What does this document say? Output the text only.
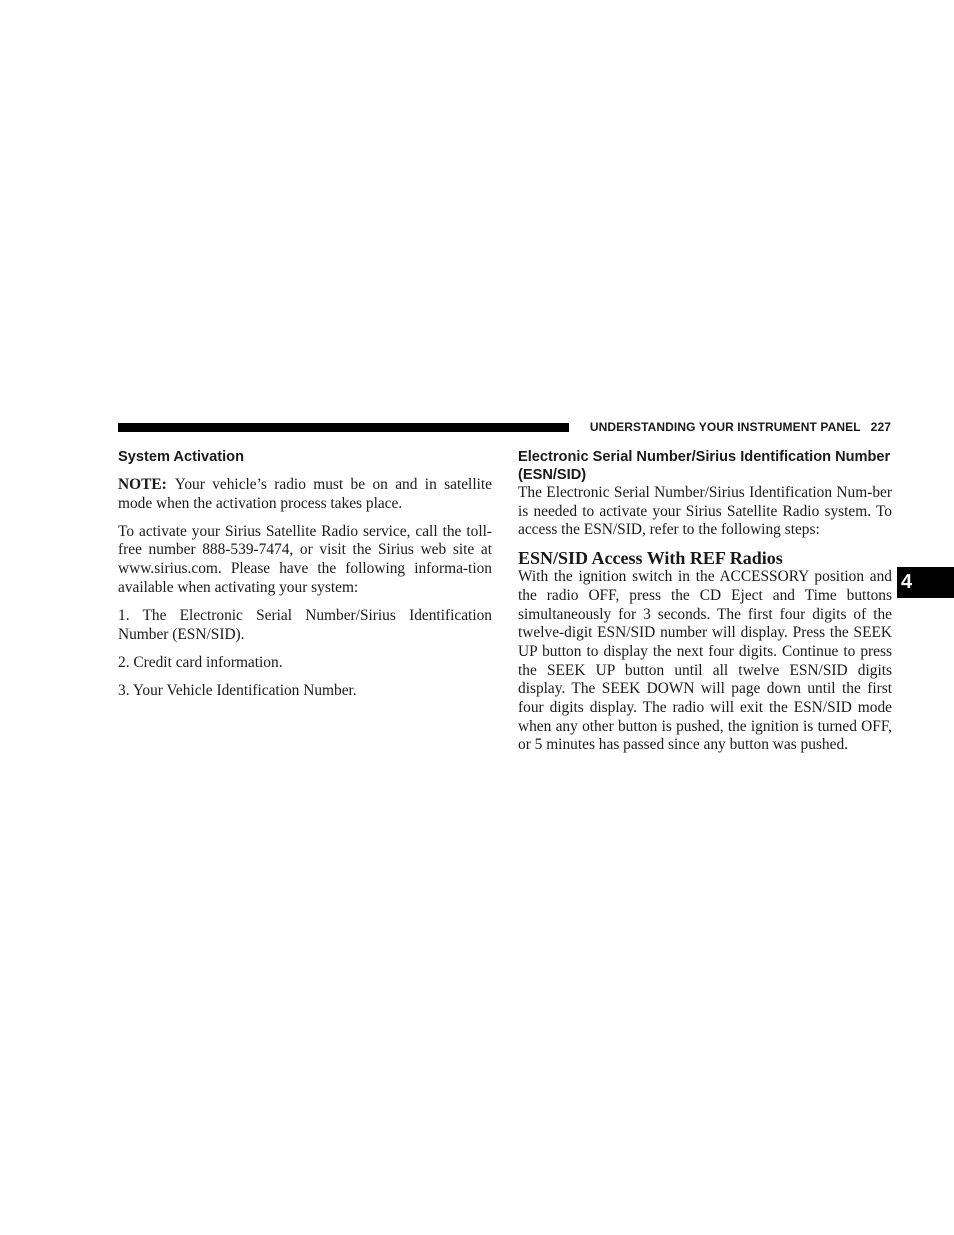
UNDERSTANDING YOUR INSTRUMENT PANEL 227
4
System Activation

NOTE: Your vehicle’s radio must be on and in satellite mode when the activation process takes place.

To activate your Sirius Satellite Radio service, call the toll-free number 888-539-7474, or visit the Sirius web site at www.sirius.com. Please have the following informa-tion available when activating your system:

1. The Electronic Serial Number/Sirius Identification Number (ESN/SID).

2. Credit card information.

3. Your Vehicle Identification Number.

Electronic Serial Number/Sirius Identification Number (ESN/SID)

The Electronic Serial Number/Sirius Identification Num-ber is needed to activate your Sirius Satellite Radio system. To access the ESN/SID, refer to the following steps:

ESN/SID Access With REF Radios

With the ignition switch in the ACCESSORY position and the radio OFF, press the CD Eject and Time buttons simultaneously for 3 seconds. The first four digits of the twelve-digit ESN/SID number will display. Press the SEEK UP button to display the next four digits. Continue to press the SEEK UP button until all twelve ESN/SID digits display. The SEEK DOWN will page down until the first four digits display. The radio will exit the ESN/SID mode when any other button is pushed, the ignition is turned OFF, or 5 minutes has passed since any button was pushed.
